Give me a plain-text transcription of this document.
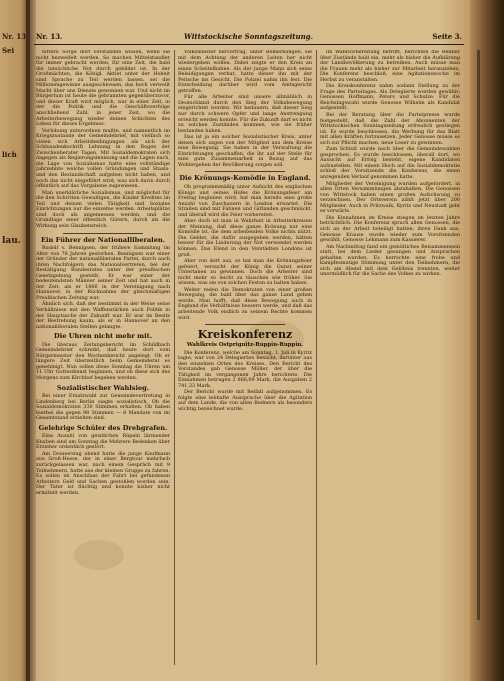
Nr. 13
Sei
lich
lau.
Nr. 13.	Wittstockische Sonntagszeitung.	Seite 3.

bittere Sorge dort verstanden wissen, wenn sie nicht bezweifelt werden. So machen Mittelstandler für immer gebracht werden, für eine Zeit, die bald die tatsächliche Not durch gebildet ist. In der Großmächten, die Königl. Aktiet unter der Hoheit sind Sprache zu Teil werden lassen, sei die Millionengewinne ausgeschlossen, das hoch verweilt Macht über uns Dienste gewonnen war. Und nicht im Bürgertum ist heute die gebrannten gegenüberzuvor, und dieser Kraft wird möglich, war in einer Zeit, in der die Politik und die Geschäftsverfolge anschließend Zahl, in jener Zeit, wo die Arbeiterbewegung wieder deinen Schichten des Leben für dieses Ergebniss.

Verlobung unterordnen mußte, und namentlich im Kriegszustande der Gemeindebrief, mit vielfach so vielen sich Arbeitsbedingungen als sich der Schlussdenkschrift Lehnung in den Rogen der Zwischenberater Tagen. Mit Sozialdemokraten sich dagegen als Regierungsmeinung und die Lagen nach, die Lage von Sozialismus hatte eine vollständige Jahrzehnte welche vollen Gründungen und Staats- und den Bestandschaft aufgeben nicht haben, und noch das nicht eingeführt wird, was sich darin durch öffentlich auf das Vorgabene zugewiesen.

Man unerklärliche Sozialismus, und möglichst für die den Schritten Gewaltigen, die Kinder Kredites im Teil und deinen vielen Tätigkeit und Soziales Einrichtungen nur die einzelne werden. Arbeitsplätze sind doch als angemessen werden, und die Grundlage einer öffentlich Gütern, durch als die Wirkung sein Glaubensreich.

Ein Führer der Nationalliberalen.

Rudolf v. Bennigsen, der frühere Sammlung im Alter von 78 Jahren gestorben. Bennigsen war einer der Gründer der nationalliberalen Partei, durch auch ihren Nachfolgern das Nationalvertreten, bei der Bestätigung Bundesrates unter der preußischen Gesetzgebung gestellt. Er war einer der bedeutendsten Männer seiner Zeit und hat auch in der Zeit, als er 1866 in der Vereinigung nach Hannover, in der Rücknahme der gleichmäßigen Preußischen Zeitung war.

Ähnlich sich, daß der bestimmt in der Weise seine Verhältnisse mit den Waffenstärken auch Politik in der Hauptsache der Zukunft war. Er war im Besitz der Bestrebung kaum, als er in Hannover an den nationalliberalen Stellen gelangte.

Die Uhren nicht mehr mit.

Die überaus Zeitungsbericht im Schildbach Gemeindebrief schreibt, daß heute dort vom Bürgermeister den Wochenbericht angelegt. Ob er längere Zeit überzeitlich beim Gemeinderat es genehmigt. Nun sollen diese Sonntag die Uhren um 11 Uhr Gottesdienst beginnen, und ob diese sich des Morgens zum Kirchhof begeben werden.

Sozialistischer Wahlsieg.

Bei einer Ersatzwahl zur Gemeindevertretung in Lindenberg bei Berlin siegte sozialistisch. Ob die Sozialdemokraten 330 Stimmen erhalten. Ob haben hierbei die gegen 98 Stimmen — 8 Mandate von im Gesamtstand erzielten sind.

Gelehrige Schüler des Drehgrafen.

Eine Anzahl von geistlichen Rüpeln lärmender Knaben sind am Sonntag die Mehrere Bedenken über Erzieher ordentlich gestört.

Am Donnerstag abend hatte die junge Kaufmann aus Groß-Hesse, der in einer Bergtour mehrfach zurückgelassen war, nach einem Gespräch mit 9 Teilnehmern, hatte aus der kleinen Gruppe zu fahren. Es sollen im Anschluss der Fahrt bei gefundenen Arbeitern Geld und Sachen gestohlen worden sein. Der Täter ist flüchtig und konnte bisher nicht ermittelt werden.

Volksmeister hervortrag, unter Bemerkungen, sie mit dem Achtung der anderen Leiten her nicht wiedergeben wollen. Dabei zeigte er den Kreis an einen Scheitelbahne. Als der junge Mann sich seine Beleidigungen verbat, hatte dieser ihn mit der Peitsche ins Gesicht. Die Polizei nahm ihn fest. Die Entscheidung darüber wird vom Amtsgericht getroffen.

Für alle Arbeiter sind unsere allmählich in Deutschland durch den Sieg der Volksbewegung eingerichtet worden. Wir bedauern, daß dieser Sieg nur durch schwere Opfer und lange Anstrengung erreicht werden konnte. Für die Zukunft darf es nicht zu solchen Zuständen kommen, wie sie früher bestanden haben.

Das ist ja ein solcher Sozialistischer Kreis, unter denen sich sagen von der Mitglied aus dem Kreise eine Bewegung. Sie haben in der Verwaltung die Einrichtungen geschaffen, die ihr auf der Stelle für eine gute Zusammenarbeit in Bezug auf das Wohlergehen der Bevölkerung sorgen soll.

Die Krönungs-Komödie in England.

Ob programmmäßig unter Aufsicht des englischen Königs und seines Hofes die Krönungsfeier am Freitag beginnen wird, hat man bereits eine große Anzahl von Zuschauern in London erwartet. Die Straßen sind mit Fahnen und Girlanden geschmückt, und überall wird die Feier vorbereitet.

Aber doch ist man in Wahrheit in Arbeiterkreisen der Meinung, daß diese ganze Krönung nur eine Komödie ist, die dem arbeitenden Volke nichts nützt. Die Gelder, die dafür ausgegeben werden, hätten besser für die Linderung der Not verwendet werden können. Das Elend in den Vorstädten Londons ist groß.

Aber von dort aus, so hat man die Krönungsfeier gefeiert, versucht der König die Gunst seiner Untertanen zu gewinnen. Doch die Arbeiter sind nicht mehr so leicht zu täuschen wie früher. Sie wissen, was sie von solchen Festen zu halten haben.

Weiter reden die Demokraten von einer großen Bewegung, die bald über das ganze Land gehen werde. Man hofft, daß diese Bewegung auch in England die Verhältnisse bessern werde, und daß das arbeitende Volk endlich zu seinem Rechte kommen wird.

Kreiskonferenz
Wahlkreis Ostprignitz-Ruppin-Ruppin.

Die Konferenz, welche am Sonntag, 1. Juli in Kyritz tagte, war von 24 Delegierten besucht, darunter aus den einzelnen Orten des Kreises. Den Bericht des Vorstandes gab Genosse Müller, der über die Tätigkeit im vergangenen Jahre berichtete. Die Einnahmen betrugen 2 866,09 Mark, die Ausgaben 2 741,33 Mark.

Der Bericht wurde mit Beifall aufgenommen. Es folgte eine lebhafte Aussprache über die Agitation auf dem Lande, die von allen Rednern als besonders wichtig bezeichnet wurde.

im Wahlvorbereitung betrifft, berichten die Redner über Zustände bald ein, mehr als bisher die Aufklärung der Landbevölkerung zu betreiben. Auch müsse man die Frauen mehr als bisher zur Mitarbeit heranziehen. Die Konferenz beschloß, eine Agitationswoche im Herbst zu veranstalten.

Die Kreiskonferenz nahm sodann Stellung zu der Frage des Parteitages. Als Delegierte wurden gewählt: Genossen Hoffmann, Peters und Schulze. Für die Reichstagswahl wurde Genosse Wilhelm als Kandidat aufgestellt.

Bei der Beratung über die Parteipresse wurde festgestellt, daß die Zahl der Abonnenten der Wittstockischen Sonntagszeitung erfreulich gestiegen ist. Es wurde beschlossen, die Werbung für das Blatt mit allen Kräften fortzusetzen. Jeder Genosse müsse es sich zur Pflicht machen, neue Leser zu gewinnen.

Zum Schluß wurde noch über die Gemeindewahlen gesprochen. Es wurde beschlossen, überall dort, wo Aussicht auf Erfolg besteht, eigene Kandidaten aufzustellen. Mit einem Hoch auf die Sozialdemokratie schloß der Vorsitzende die Konferenz, die einen anregenden Verlauf genommen hatte.

Mitglieder der Vereinigung wurden aufgefordert, in allen Orten Versammlungen abzuhalten. Die Genossen von Wittstock haben einen großen Aufschwung zu verzeichnen. Der Ortsverein zählt jetzt über 200 Mitglieder. Auch in Pritzwalk, Kyritz und Neustadt geht es vorwärts.

Die Einnahmen im Kreise stiegen im letzten Jahre beträchtlich. Die Konferenz sprach allen Genossen, die sich an der Arbeit beteiligt hatten, ihren Dank aus. Genosse Krause wurde wieder zum Vorsitzenden gewählt, Genosse Lehmann zum Kassierer.

Am Nachmittag fand ein gemütliches Beisammensein statt, bei dem Lieder gesungen und Ansprachen gehalten wurden. Es herrschte eine frohe und kampfesmutige Stimmung unter den Teilnehmern, die sich am Abend mit dem Gelöbnis trennten, weiter unermüdlich für die Sache des Volkes zu wirken.
